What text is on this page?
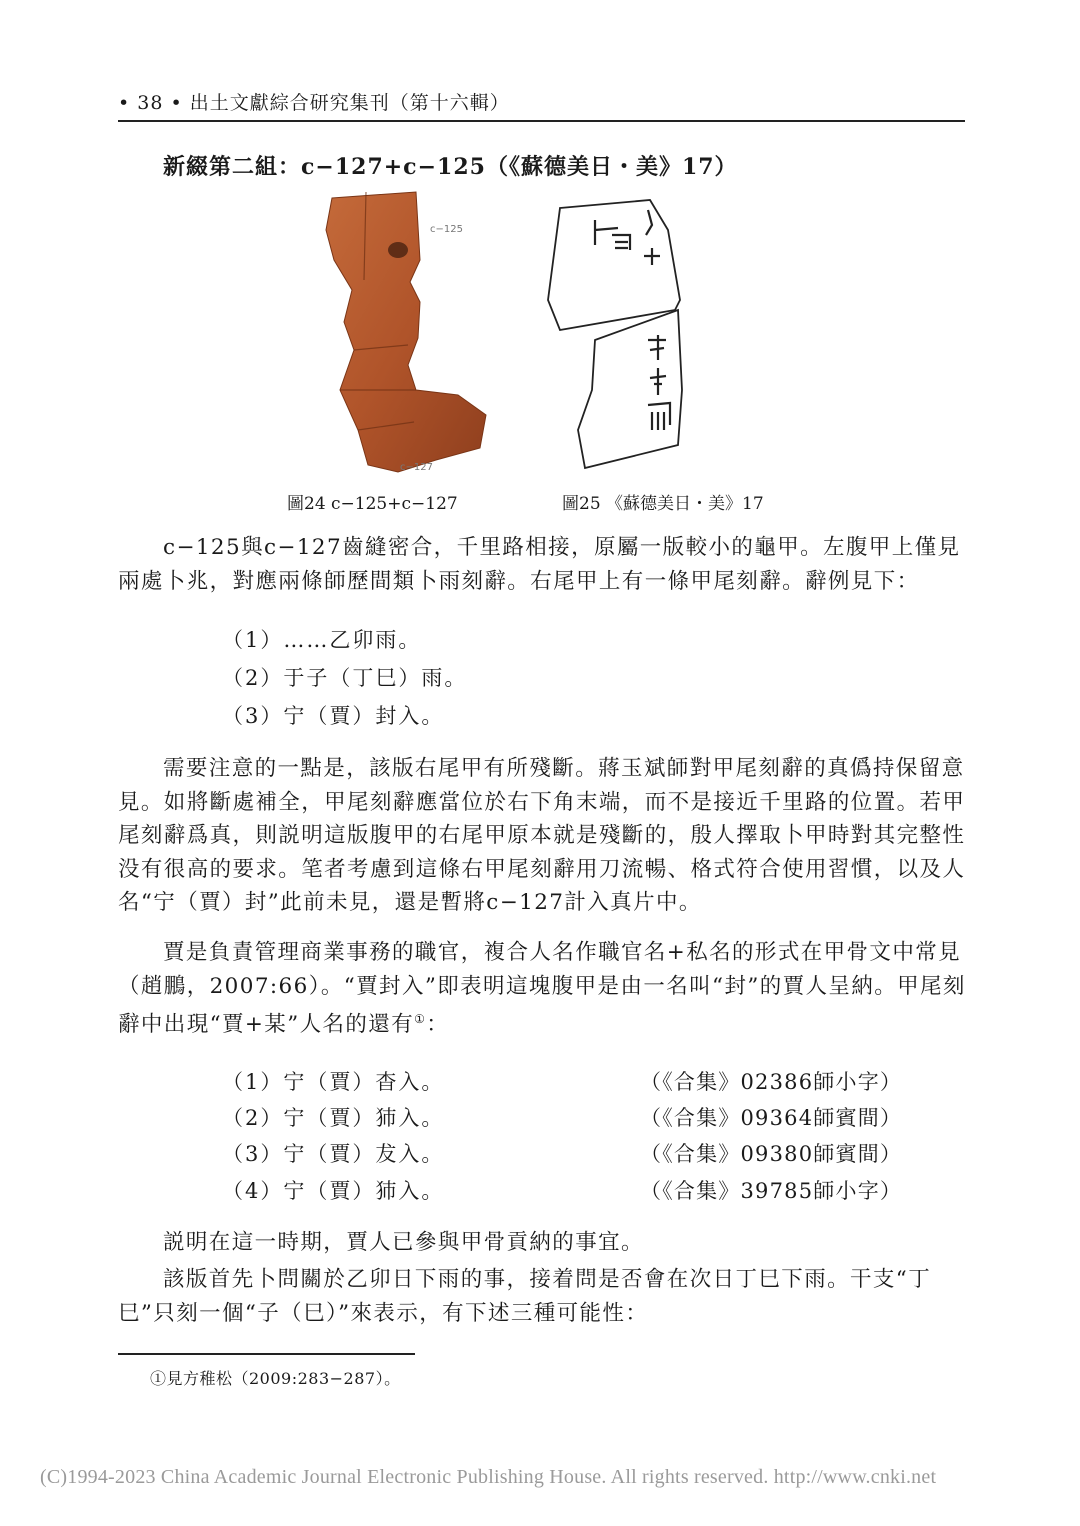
• 38 • 出土文獻綜合研究集刊（第十六輯）
新綴第二組：c−127+c−125（《蘇德美日・美》17）
c−125
c−127
圖24 c−125+c−127	圖25 《蘇德美日・美》17

c−125與c−127齒縫密合，千里路相接，原屬一版較小的龜甲。左腹甲上僅見兩處卜兆，對應兩條師歷間類卜雨刻辭。右尾甲上有一條甲尾刻辭。辭例見下：

（1）……乙卯雨。
（2）于子（丁巳）雨。
（3）宁（賈）封入。

需要注意的一點是，該版右尾甲有所殘斷。蔣玉斌師對甲尾刻辭的真僞持保留意見。如將斷處補全，甲尾刻辭應當位於右下角末端，而不是接近千里路的位置。若甲尾刻辭爲真，則説明這版腹甲的右尾甲原本就是殘斷的，殷人擇取卜甲時對其完整性没有很高的要求。笔者考慮到這條右甲尾刻辭用刀流暢、格式符合使用習慣，以及人名“宁（賈）封”此前未見，還是暫將c−127計入真片中。

賈是負責管理商業事務的職官，複合人名作職官名+私名的形式在甲骨文中常見（趙鵬，2007:66）。“賈封入”即表明這塊腹甲是由一名叫“封”的賈人呈納。甲尾刻辭中出現“賈+某”人名的還有①：

（1）宁（賈）杳入。	（《合集》02386師小字）
（2）宁（賈）犻入。	（《合集》09364師賓間）
（3）宁（賈）犮入。	（《合集》09380師賓間）
（4）宁（賈）犻入。	（《合集》39785師小字）

説明在這一時期，賈人已參與甲骨貢納的事宜。

該版首先卜問關於乙卯日下雨的事，接着問是否會在次日丁巳下雨。干支“丁巳”只刻一個“子（巳）”來表示，有下述三種可能性：

①見方稚松（2009:283−287）。
(C)1994-2023 China Academic Journal Electronic Publishing House. All rights reserved. http://www.cnki.net
